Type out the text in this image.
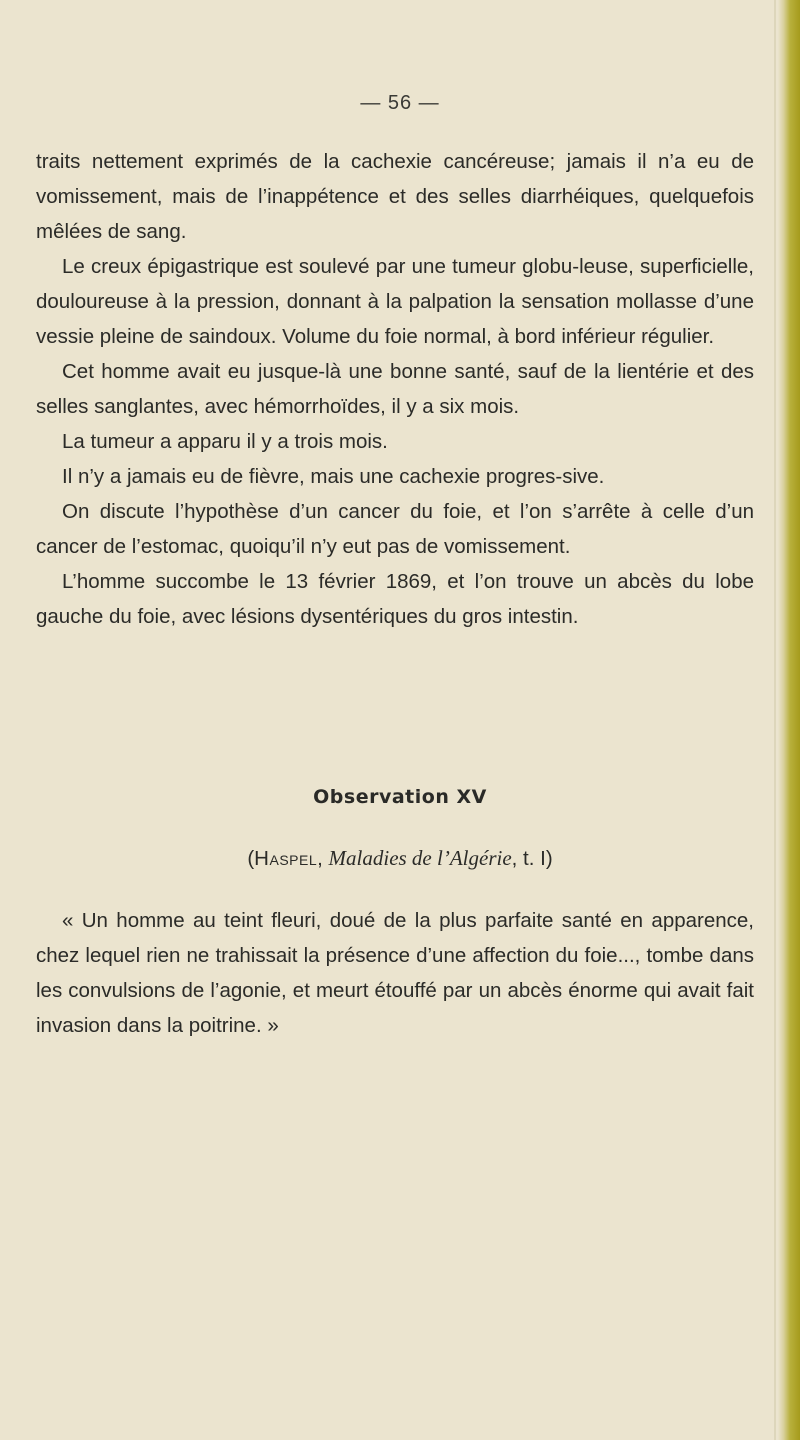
— 56 —

traits nettement exprimés de la cachexie cancéreuse; jamais il n’a eu de vomissement, mais de l’inappétence et des selles diarrhéiques, quelquefois mêlées de sang.

Le creux épigastrique est soulevé par une tumeur globu-leuse, superficielle, douloureuse à la pression, donnant à la palpation la sensation mollasse d’une vessie pleine de saindoux. Volume du foie normal, à bord inférieur régulier.

Cet homme avait eu jusque-là une bonne santé, sauf de la lientérie et des selles sanglantes, avec hémorrhoïdes, il y a six mois.

La tumeur a apparu il y a trois mois.

Il n’y a jamais eu de fièvre, mais une cachexie progres-sive.

On discute l’hypothèse d’un cancer du foie, et l’on s’arrête à celle d’un cancer de l’estomac, quoiqu’il n’y eut pas de vomissement.

L’homme succombe le 13 février 1869, et l’on trouve un abcès du lobe gauche du foie, avec lésions dysentériques du gros intestin.

Observation XV
(Haspel, Maladies de l’Algérie, t. I)

« Un homme au teint fleuri, doué de la plus parfaite santé en apparence, chez lequel rien ne trahissait la présence d’une affection du foie..., tombe dans les convulsions de l’agonie, et meurt étouffé par un abcès énorme qui avait fait invasion dans la poitrine. »
